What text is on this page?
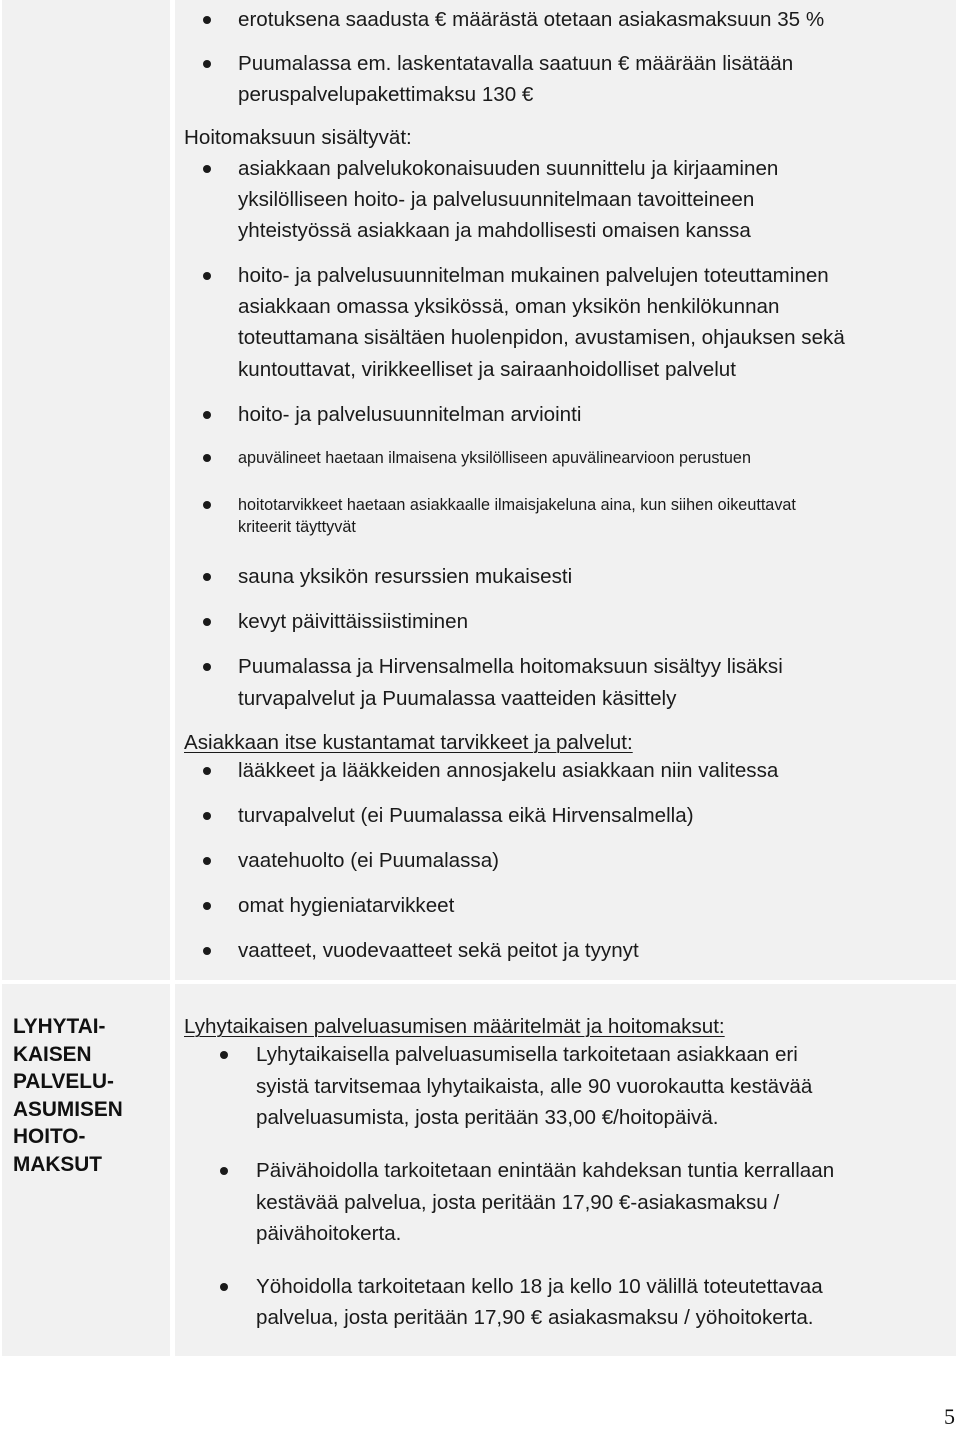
erotuksena saadusta € määrästä otetaan asiakasmaksuun 35 %
Puumalassa em. laskentatavalla saatuun € määrään lisätään
peruspalvelupakettimaksu 130 €
Hoitomaksuun sisältyvät:
asiakkaan palvelukokonaisuuden suunnittelu ja kirjaaminen
yksilölliseen hoito- ja palvelusuunnitelmaan tavoitteineen
yhteistyössä asiakkaan ja mahdollisesti omaisen kanssa
hoito- ja palvelusuunnitelman mukainen palvelujen toteuttaminen
asiakkaan omassa yksikössä, oman yksikön henkilökunnan
toteuttamana sisältäen huolenpidon, avustamisen, ohjauksen sekä
kuntouttavat, virikkeelliset ja sairaanhoidolliset palvelut
hoito- ja palvelusuunnitelman arviointi
apuvälineet haetaan ilmaisena yksilölliseen apuvälinearvioon perustuen
hoitotarvikkeet haetaan asiakkaalle ilmaisjakeluna aina, kun siihen oikeuttavat
kriteerit täyttyvät
sauna yksikön resurssien mukaisesti
kevyt päivittäissiistiminen
Puumalassa ja Hirvensalmella hoitomaksuun sisältyy lisäksi
turvapalvelut ja Puumalassa vaatteiden käsittely
Asiakkaan itse kustantamat tarvikkeet ja palvelut:
lääkkeet ja lääkkeiden annosjakelu asiakkaan niin valitessa
turvapalvelut (ei Puumalassa eikä Hirvensalmella)
vaatehuolto (ei Puumalassa)
omat hygieniatarvikkeet
vaatteet, vuodevaatteet sekä peitot ja tyynyt
LYHYTAI-
KAISEN
PALVELU-
ASUMISEN
HOITO-
MAKSUT
Lyhytaikaisen palveluasumisen määritelmät ja hoitomaksut:
Lyhytaikaisella palveluasumisella tarkoitetaan asiakkaan eri
syistä tarvitsemaa lyhytaikaista, alle 90 vuorokautta kestävää
palveluasumista, josta peritään 33,00 €/hoitopäivä.
Päivähoidolla tarkoitetaan enintään kahdeksan tuntia kerrallaan
kestävää palvelua, josta peritään 17,90 €-asiakasmaksu /
päivähoitokerta.
Yöhoidolla tarkoitetaan kello 18 ja kello 10 välillä toteutettavaa
palvelua, josta peritään 17,90 € asiakasmaksu / yöhoitokerta.
5
